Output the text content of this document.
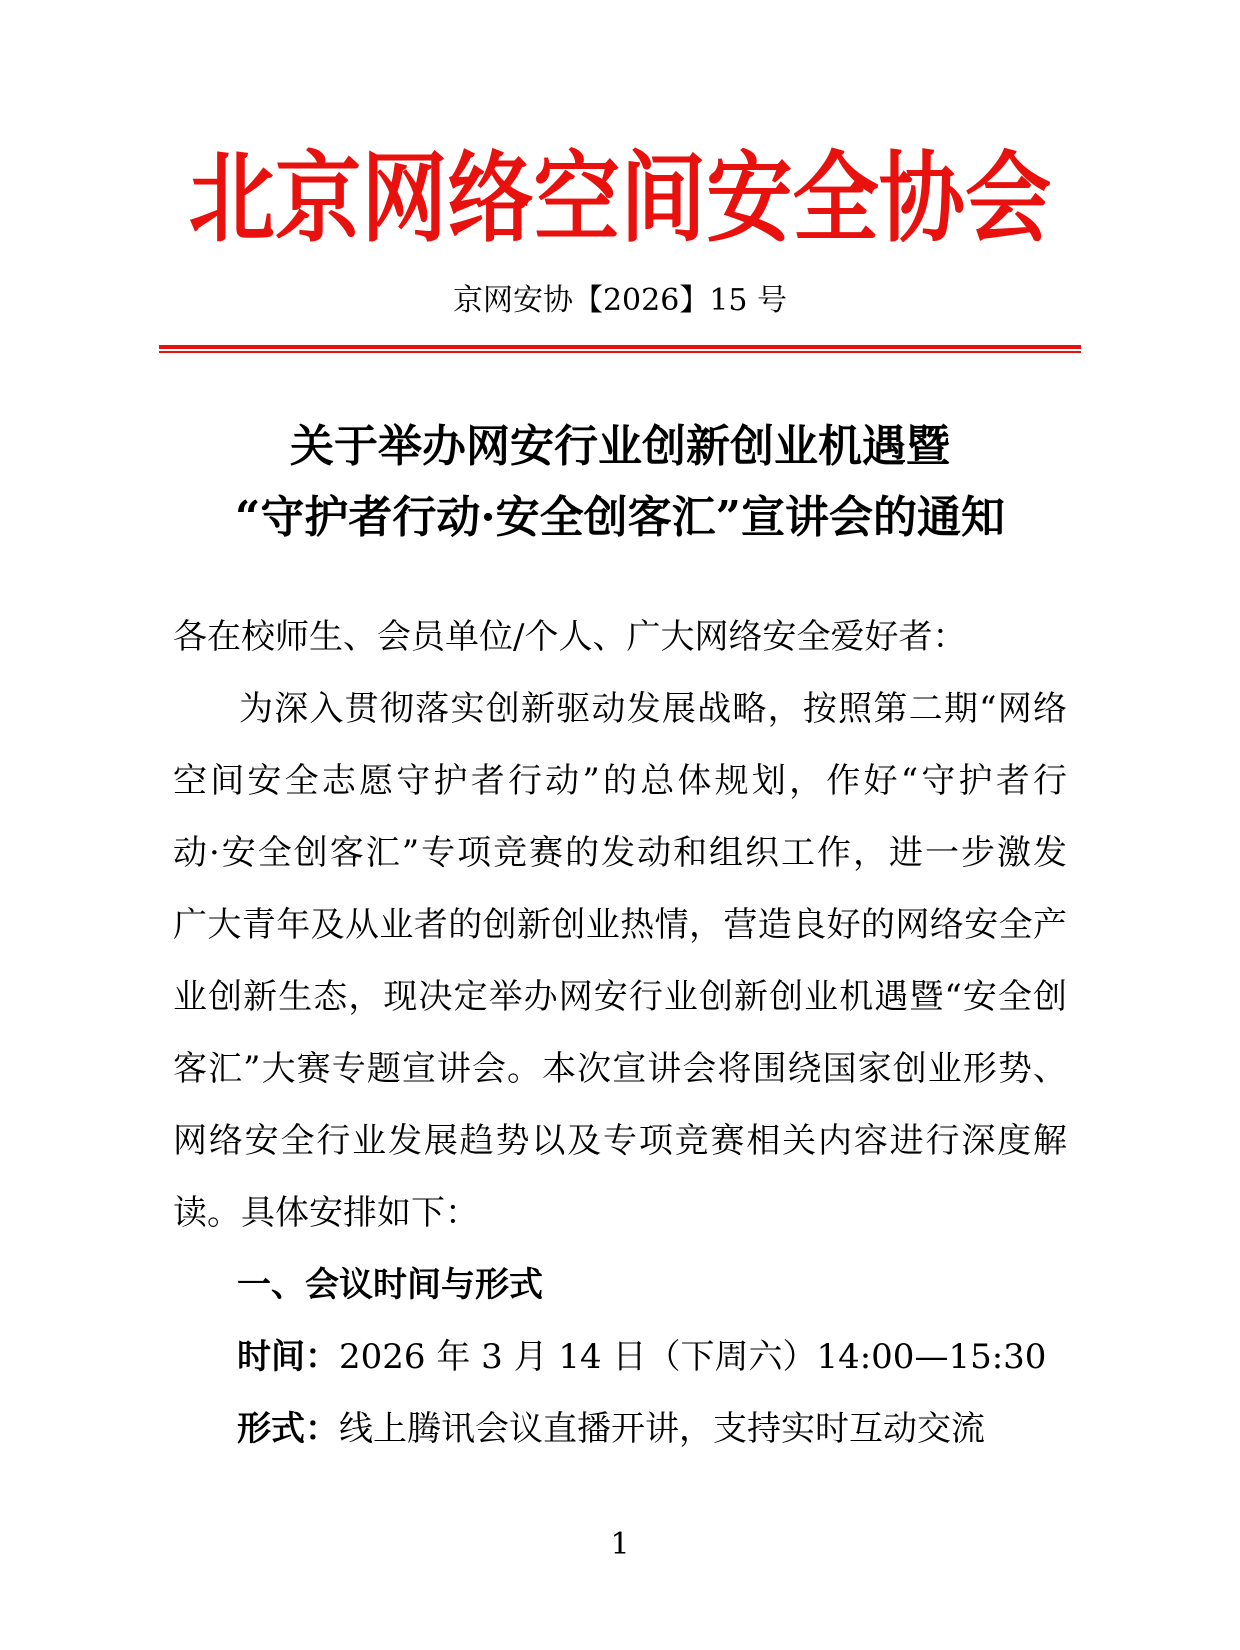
北京网络空间安全协会
京网安协【2026】15 号
关于举办网安行业创新创业机遇暨
“守护者行动·安全创客汇”宣讲会的通知
各在校师生、会员单位/个人、广大网络安全爱好者：
为深入贯彻落实创新驱动发展战略，按照第二期“网络
空间安全志愿守护者行动”的总体规划，作好“守护者行
动·安全创客汇”专项竞赛的发动和组织工作，进一步激发
广大青年及从业者的创新创业热情，营造良好的网络安全产
业创新生态，现决定举办网安行业创新创业机遇暨“安全创
客汇”大赛专题宣讲会。本次宣讲会将围绕国家创业形势、
网络安全行业发展趋势以及专项竞赛相关内容进行深度解
读。具体安排如下：
一、会议时间与形式
时间：2026 年 3 月 14 日（下周六）14:00—15:30
形式：线上腾讯会议直播开讲，支持实时互动交流
1
